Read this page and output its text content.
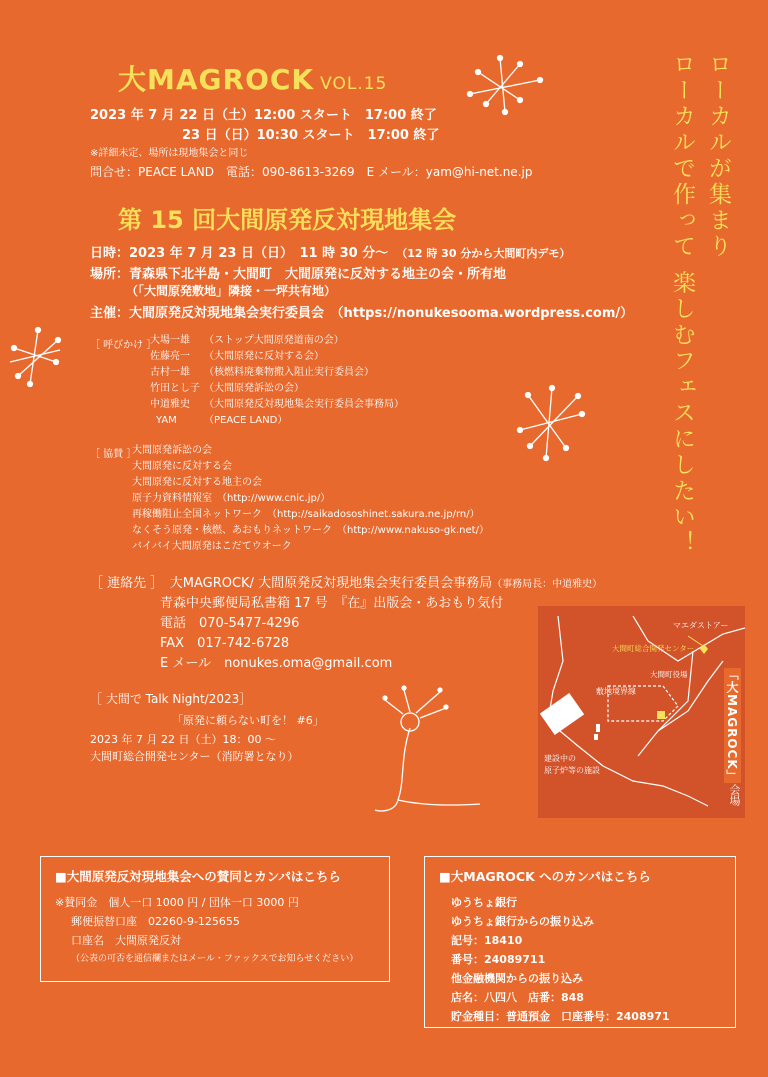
大MAGROCK VOL.15
2023 年 7 月 22 日（土）12:00 スタート　17:00 終了
23 日（日）10:30 スタート　17:00 終了
※詳細未定、場所は現地集会と同じ
問合せ：PEACE LAND　電話：090-8613-3269　E メール：yam@hi-net.ne.jp
第 15 回大間原発反対現地集会
日時：2023 年 7 月 23 日（日）　11 時 30 分〜 （12 時 30 分から大間町内デモ）
場所：青森県下北半島・大間町　大間原発に反対する地主の会・所有地
（「大間原発敷地」隣接・一坪共有地）
主催：大間原発反対現地集会実行委員会　（https://nonukesooma.wordpress.com/）
［ 呼びかけ ］
大場一雄
佐藤亮一
古村一雄
竹田とし子
中道雅史
YAM
（ストップ大間原発道南の会）
（大間原発に反対する会）
（核燃料廃棄物搬入阻止実行委員会）
（大間原発訴訟の会）
（大間原発反対現地集会実行委員会事務局）
（PEACE LAND）
［ 協賛 ］
大間原発訴訟の会
大間原発に反対する会
大間原発に反対する地主の会
原子力資料情報室　（http://www.cnic.jp/）
再稼働阻止全国ネットワーク　（http://saikadososhinet.sakura.ne.jp/rn/）
なくそう原発・核燃、あおもりネットワーク　（http://www.nakuso-gk.net/）
バイバイ大間原発はこだてウオーク
［ 連絡先 ］　大MAGROCK/ 大間原発反対現地集会実行委員会事務局（事務局長：中道雅史）
青森中央郵便局私書箱 17 号　『在』出版会・あおもり気付
電話　070-5477-4296
FAX　017-742-6728
E メール　nonukes.oma@gmail.com
［ 大間で Talk Night/2023］
「原発に頼らない町を！ #6」
2023 年 7 月 22 日（土）18：00 〜
大間町総合開発センター（消防署となり）
ローカルが集まり
ローカルで作って 楽しむフェスにしたい！
マエダストアー
大間町総合開発センター
大間町役場
敷地境界線
建設中の
原子炉等の施設	「大MAGROCK」
会場
■大間原発反対現地集会への賛同とカンパはこちら
※賛同金　個人一口 1000 円 / 団体一口 3000 円
郵便振替口座　02260-9-125655
口座名　大間原発反対
（公表の可否を通信欄またはメール・ファックスでお知らせください）
■大MAGROCK へのカンパはこちら
ゆうちょ銀行
ゆうちょ銀行からの振り込み
記号：18410
番号：24089711
他金融機関からの振り込み
店名：八四八　店番：848
貯金種目：普通預金　口座番号：2408971
